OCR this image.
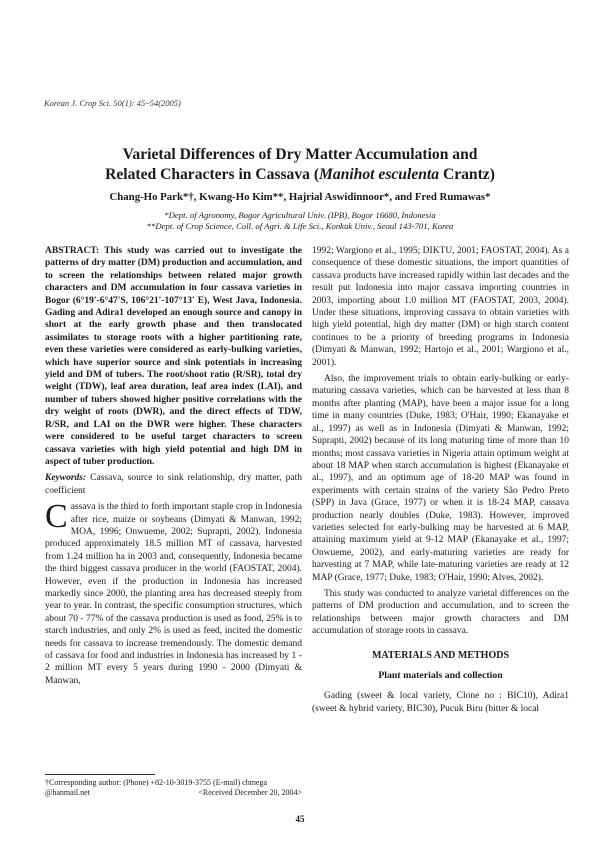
Korean J. Crop Sci. 50(1): 45~54(2005)
Varietal Differences of Dry Matter Accumulation and
Related Characters in Cassava (Manihot esculenta Crantz)
Chang-Ho Park*†, Kwang-Ho Kim**, Hajrial Aswidinnoor*, and Fred Rumawas*
*Dept. of Agronomy, Bogor Agricultural Univ. (IPB), Bogor 16680, Indonesia
**Dept. of Crop Science, Coll. of Agri. & Life Sci., Konkuk Univ., Seoul 143-701, Korea

ABSTRACT: This study was carried out to investigate the patterns of dry matter (DM) production and accumulation, and to screen the relationships between related major growth characters and DM accumulation in four cassava varieties in Bogor (6°19'-6°47'S, 106°21'-107°13' E), West Java, Indonesia. Gading and Adira1 developed an enough source and canopy in short at the early growth phase and then translocated assimilates to storage roots with a higher partitioning rate, even these varieties were considered as early-bulking varieties, which have superior source and sink potentials in increasing yield and DM of tubers. The root/shoot ratio (R/SR), total dry weight (TDW), leaf area duration, leaf area index (LAI), and number of tubers showed higher positive correlations with the dry weight of roots (DWR), and the direct effects of TDW, R/SR, and LAI on the DWR were higher. These characters were considered to be useful target characters to screen cassava varieties with high yield potential and high DM in aspect of tuber production.

Keywords: Cassava, source to sink relationship, dry matter, path coefficient

Cassava is the third to forth important staple crop in Indonesia after rice, maize or soybeans (Dimyati & Manwan, 1992; MOA, 1996; Onwueme, 2002; Suprapti, 2002). Indonesia produced approximately 18.5 million MT of cassava, harvested from 1.24 million ha in 2003 and, consequently, Indonesia became the third biggest cassava producer in the world (FAOSTAT, 2004). However, even if the production in Indonesia has increased markedly since 2000, the planting area has decreased steeply from year to year. In contrast, the specific consumption structures, which about 70 - 77% of the cassava production is used as food, 25% is to starch industries, and only 2% is used as feed, incited the domestic needs for cassava to increase tremendously. The domestic demand of cassava for food and industries in Indonesia has increased by 1 - 2 million MT every 5 years during 1990 - 2000 (Dimyati & Manwan,

1992; Wargiono et al., 1995; DIKTU, 2001; FAOSTAT, 2004). As a consequence of these domestic situations, the import quantities of cassava products have increased rapidly within last decades and the result put Indonesia into major cassava importing countries in 2003, importing about 1.0 million MT (FAOSTAT, 2003, 2004). Under these situations, improving cassava to obtain varieties with high yield potential, high dry matter (DM) or high starch content continues to be a priority of breeding programs in Indonesia (Dimyati & Manwan, 1992; Hartojo et al., 2001; Wargiono et al., 2001).

Also, the improvement trials to obtain early-bulking or early-maturing cassava varieties, which can be harvested at less than 8 months after planting (MAP), have been a major issue for a long time in many countries (Duke, 1983; O'Hair, 1990; Ekanayake et al., 1997) as well as in Indonesia (Dimyati & Manwan, 1992; Suprapti, 2002) because of its long maturing time of more than 10 months; most cassava varieties in Nigeria attain optimum weight at about 18 MAP when starch accumulation is highest (Ekanayake et al., 1997), and an optimum age of 18-20 MAP was found in experiments with certain strains of the variety São Pedro Preto (SPP) in Java (Grace, 1977) or when it is 18-24 MAP, cassava production nearly doubles (Duke, 1983). However, improved varieties selected for early-bulking may be harvested at 6 MAP, attaining maximum yield at 9-12 MAP (Ekanayake et al., 1997; Onwueme, 2002), and early-maturing varieties are ready for harvesting at 7 MAP, while late-maturing varieties are ready at 12 MAP (Grace, 1977; Duke, 1983; O'Hair, 1990; Alves, 2002).

This study was conducted to analyze varietal differences on the patterns of DM production and accumulation, and to screen the relationships between major growth characters and DM accumulation of storage roots in cassava.

MATERIALS AND METHODS
Plant materials and collection

Gading (sweet & local variety, Clone no : BIC10), Adira1 (sweet & hybrid variety, BIC30), Pucuk Biru (bitter & local

†Corresponding author: (Phone) +82-10-3019-3755 (E-mail) chmega
@hanmail.net	<Received December 20, 2004>
45
